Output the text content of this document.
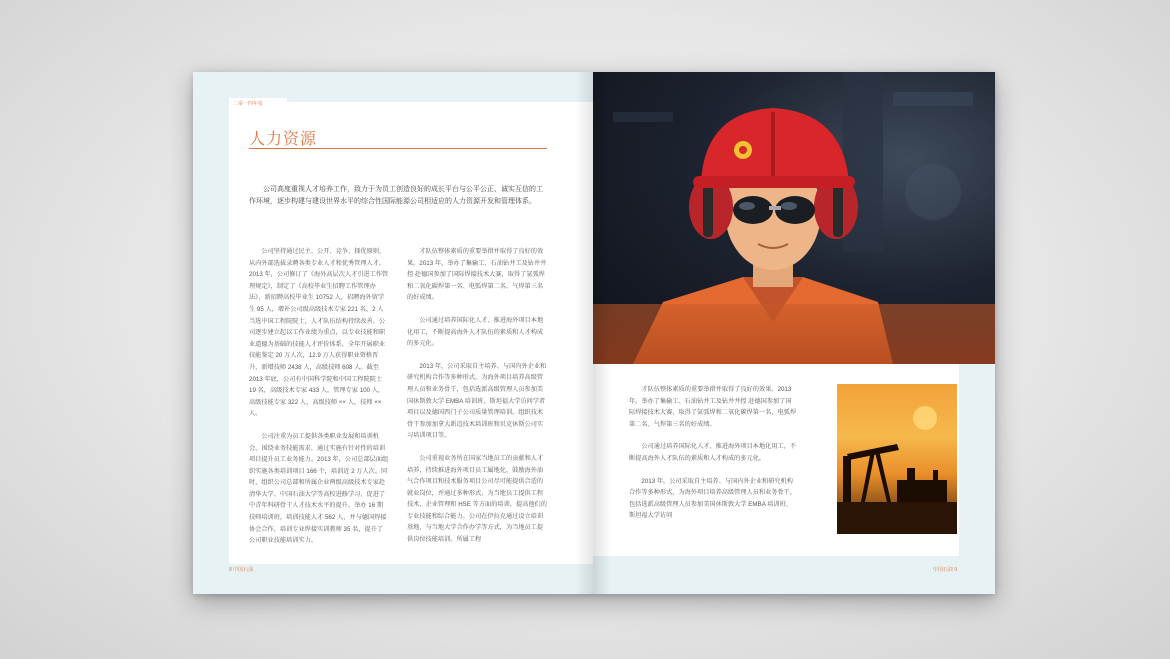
二零一四年报
人力资源
公司高度重视人才培养工作，致力于为员工创造良好的成长平台与公平公正、诚实互信的工作环境，逐步构建与建设世界水平的综合性国际能源公司相适应的人力资源开发和管理体系。

公司坚持通过民主、公开、竞争、择优原则，从内外部选拔录聘各类专业人才和优秀管理人才。2013 年，公司修订了《海外高层次人才引进工作管理规定》，制定了《高校毕业生招聘工作管理办法》，新招聘高校毕业生 10752 人，招聘海外留学生 95 人，增补公司级高级技术专家 221 名、2 人当选中国工程院院士，人才队伍结构持续改善。公司逐步建立起以工作业绩为重点，以专业技能和职业道德为基础的技能人才评价体系，全年开展职业技能鉴定 20 万人次，12.9 万人获得职业资格晋升，新增技师 2438 人，高级技师 608 人。截至 2013 年底，公司有中国科学院和中国工程院院士 19 名，高级技术专家 433 人，管理专家 100 人，高级技能专家 322 人，高级技师 ×× 人，技师 ×× 人。

公司注重为员工提供各类职业发展和培训机会，围绕业务技能需求，通过实施有针对性的培训项目提升员工业务能力。2013 年，公司总部层面组织实施各类培训项目 166 个，培训近 2 万人次。同时，组织公司总部和所属企业两级高级技术专家赴清华大学、中国石油大学等高校进修学习，促进了中青年科研骨干人才技术水平的提升。举办 16 期技师培训班，培训技能人才 562 人，并与德国焊接协会合作，培训专业焊接实训教师 35 名，提升了公司职业技能培训实力。

才队伍整体素质的重要举措并取得了良好的效果。2013 年，举办了集输工、石油钻井工及钻井井控 赴德国参加了国际焊接技术大赛，取得了氩弧焊和二氧化碳焊第一名、电弧焊第二名、气焊第三名的好成绩。

公司通过培养国际化人才、推进海外项目本地化用工，不断提高海外人才队伍的素质和人才构成的多元化。

2013 年，公司采取自主培养、与国内外企业和研究机构合作等多种形式，为海外项目培养高级管理人员和业务骨干，包括选派高级管理人员参加美国休斯敦大学 EMBA 培训班、斯坦福大学访问学者项目以及德国西门子公司质量管理培训。组织技术骨干参加加拿大新迈技术培训班和贝克休斯公司实习培训项目等。

公司重视业务所在国家当地员工的贡献和人才培养，持续推进海外项目员工属地化，鼓励海外油气合作项目和技术服务项目公司尽可能提供合适的就业岗位，并通过多种形式，为当地员工提供工程技术、企业管理和 HSE 等方面的培训，提高他们的专业技能和综合能力。公司在伊拉克通过设立培训基地、与当地大学合作办学等方式，为当地员工提供岗位技能培训。所属工程

8 中国石油

才队伍整体素质的重要举措并取得了良好的效果。2013 年，举办了集输工、石油钻井工及钻井井控 赴德国参加了国际焊接技术大赛，取得了氩弧焊和二氧化碳焊第一名、电弧焊第二名、气焊第三名的好成绩。

公司通过培养国际化人才、推进海外项目本地化用工，不断提高海外人才队伍的素质和人才构成的多元化。

2013 年，公司采取自主培养、与国内外企业和研究机构合作等多种形式，为海外项目培养高级管理人员和业务骨干，包括选派高级管理人员参加美国休斯敦大学 EMBA 培训班、斯坦福大学访问

中国石油 9
